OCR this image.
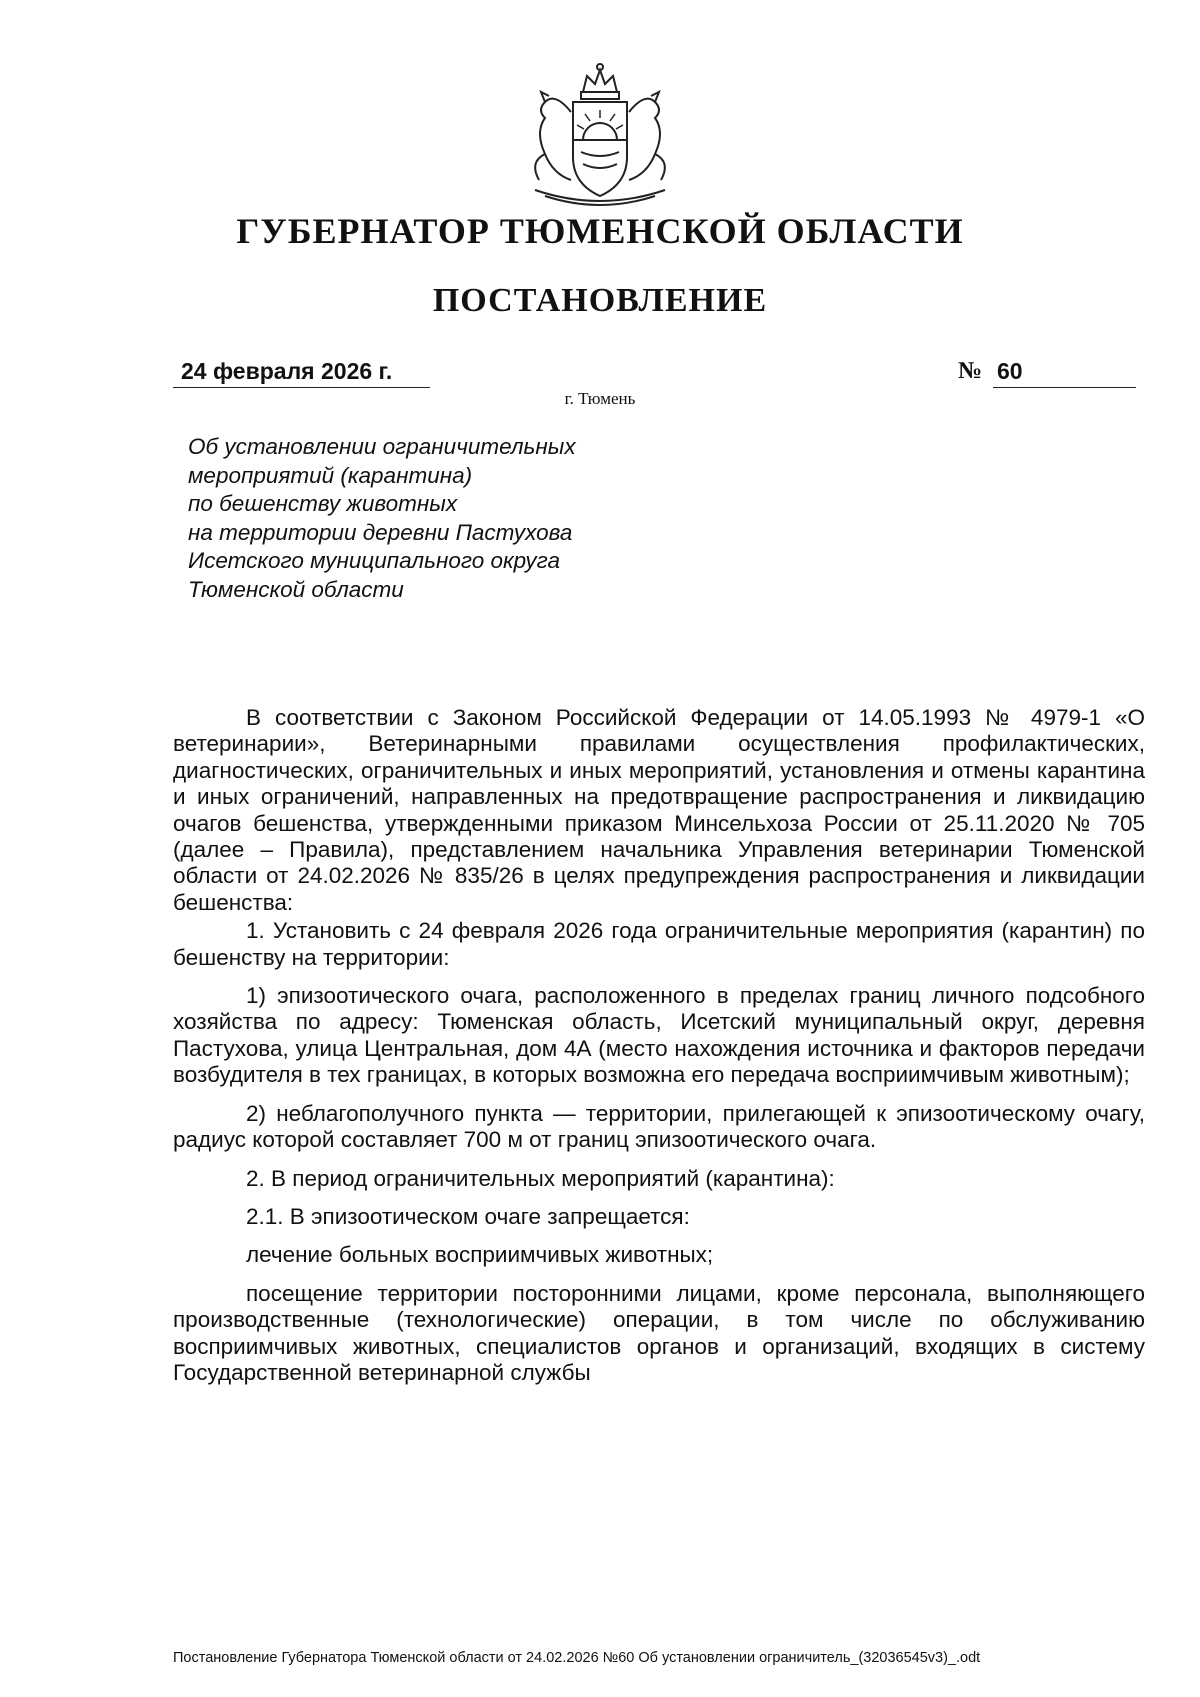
ГУБЕРНАТОР ТЮМЕНСКОЙ ОБЛАСТИ
ПОСТАНОВЛЕНИЕ
24 февраля 2026 г.	№ 60
г. Тюмень
Об установлении ограничительных
мероприятий (карантина)
по бешенству животных
на территории деревни Пастухова
Исетского муниципального округа
Тюменской области

В соответствии с Законом Российской Федерации от 14.05.1993 № 4979-1 «О ветеринарии», Ветеринарными правилами осуществления профилактических, диагностических, ограничительных и иных мероприятий, установления и отмены карантина и иных ограничений, направленных на предотвращение распространения и ликвидацию очагов бешенства, утвержденными приказом Минсельхоза России от 25.11.2020 № 705 (далее – Правила), представлением начальника Управления ветеринарии Тюменской области от 24.02.2026 № 835/26 в целях предупреждения распространения и ликвидации бешенства:

1. Установить с 24 февраля 2026 года ограничительные мероприятия (карантин) по бешенству на территории:

1) эпизоотического очага, расположенного в пределах границ личного подсобного хозяйства по адресу: Тюменская область, Исетский муниципальный округ, деревня Пастухова, улица Центральная, дом 4А (место нахождения источника и факторов передачи возбудителя в тех границах, в которых возможна его передача восприимчивым животным);

2) неблагополучного пункта — территории, прилегающей к эпизоотическому очагу, радиус которой составляет 700 м от границ эпизоотического очага.

2. В период ограничительных мероприятий (карантина):

2.1. В эпизоотическом очаге запрещается:

лечение больных восприимчивых животных;

посещение территории посторонними лицами, кроме персонала, выполняющего производственные (технологические) операции, в том числе по обслуживанию восприимчивых животных, специалистов органов и организаций, входящих в систему Государственной ветеринарной службы

Постановление Губернатора Тюменской области от 24.02.2026 №60 Об установлении ограничитель_(32036545v3)_.odt
